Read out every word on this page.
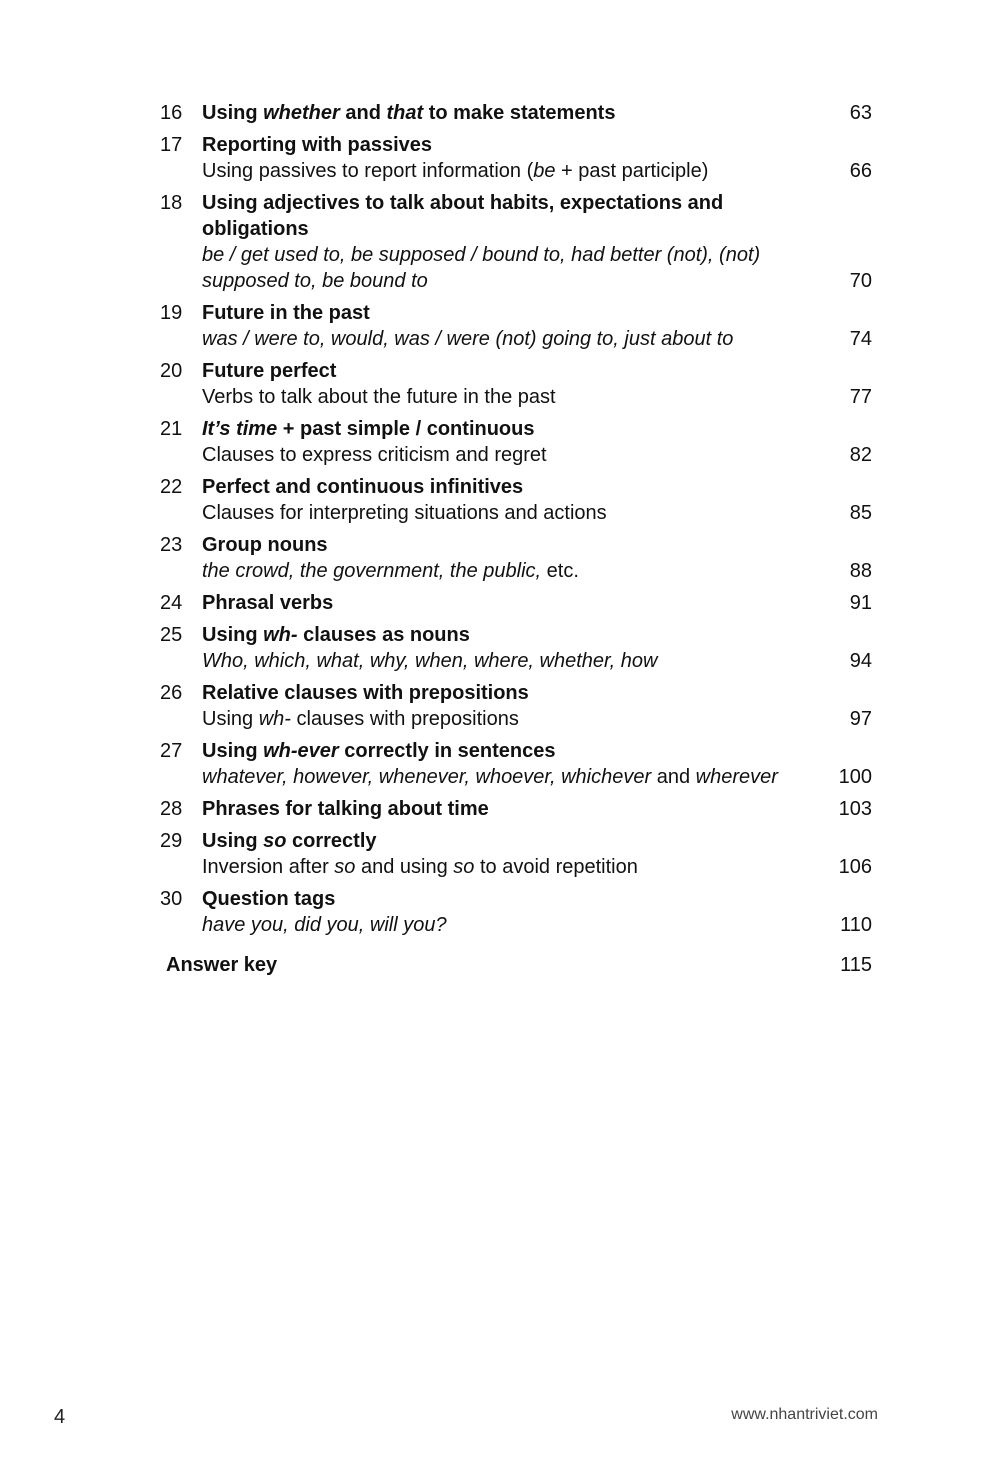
16 Using whether and that to make statements	63
17 Reporting with passives
Using passives to report information (be + past participle)	66
18 Using adjectives to talk about habits, expectations and obligations
be / get used to, be supposed / bound to, had better (not), (not) supposed to, be bound to	70
19 Future in the past
was / were to, would, was / were (not) going to, just about to	74
20 Future perfect
Verbs to talk about the future in the past	77
21 It’s time + past simple / continuous
Clauses to express criticism and regret	82
22 Perfect and continuous infinitives
Clauses for interpreting situations and actions	85
23 Group nouns
the crowd, the government, the public, etc.	88
24 Phrasal verbs	91
25 Using wh- clauses as nouns
Who, which, what, why, when, where, whether, how	94
26 Relative clauses with prepositions
Using wh- clauses with prepositions	97
27 Using wh-ever correctly in sentences
whatever, however, whenever, whoever, whichever and wherever	100
28 Phrases for talking about time	103
29 Using so correctly
Inversion after so and using so to avoid repetition	106
30 Question tags
have you, did you, will you?	110
Answer key	115
4	www.nhantriviet.com
